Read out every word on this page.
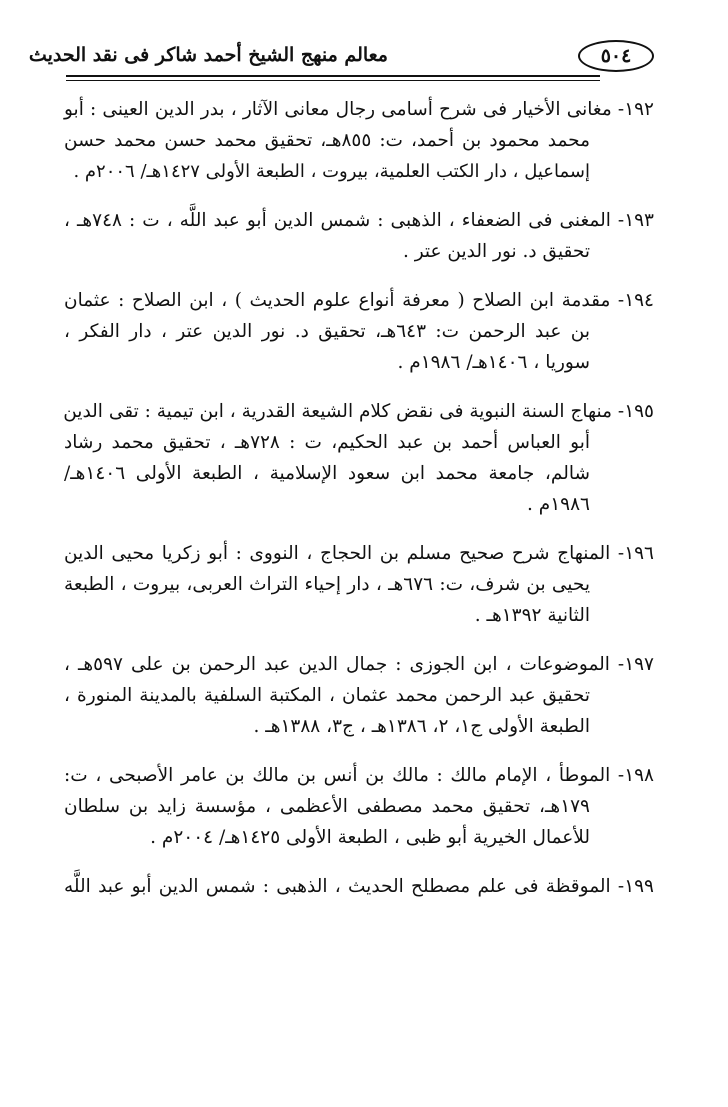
٥٠٤
معالم منهج الشيخ أحمد شاكر فى نقد الحديث
١٩٢- مغانى الأخيار فى شرح أسامى رجال معانى الآثار ، بدر الدين العينى : أبو
محمد محمود بن أحمد، ت: ٨٥٥هـ، تحقيق محمد حسن محمد حسن
إسماعيل ، دار الكتب العلمية، بيروت ، الطبعة الأولى ١٤٢٧هـ/ ٢٠٠٦م .
١٩٣- المغنى فى الضعفاء ، الذهبى : شمس الدين أبو عبد اللَّه ، ت : ٧٤٨هـ ،
تحقيق د. نور الدين عتر .
١٩٤- مقدمة ابن الصلاح ( معرفة أنواع علوم الحديث ) ، ابن الصلاح : عثمان
بن عبد الرحمن ت: ٦٤٣هـ، تحقيق د. نور الدين عتر ، دار الفكر ،
سوريا ، ١٤٠٦هـ/ ١٩٨٦م .
١٩٥- منهاج السنة النبوية فى نقض كلام الشيعة القدرية ، ابن تيمية : تقى الدين
أبو العباس أحمد بن عبد الحكيم، ت : ٧٢٨هـ ، تحقيق محمد رشاد
شالم، جامعة محمد ابن سعود الإسلامية ، الطبعة الأولى ١٤٠٦هـ/
١٩٨٦م .
١٩٦- المنهاج شرح صحيح مسلم بن الحجاج ، النووى : أبو زكريا محيى الدين
يحيى بن شرف، ت: ٦٧٦هـ ، دار إحياء التراث العربى، بيروت ، الطبعة
الثانية ١٣٩٢هـ .
١٩٧- الموضوعات ، ابن الجوزى : جمال الدين عبد الرحمن بن على ٥٩٧هـ ،
تحقيق عبد الرحمن محمد عثمان ، المكتبة السلفية بالمدينة المنورة ،
الطبعة الأولى ج١، ٢، ١٣٨٦هـ ، ج٣، ١٣٨٨هـ .
١٩٨- الموطأ ، الإمام مالك : مالك بن أنس بن مالك بن عامر الأصبحى ، ت:
١٧٩هـ، تحقيق محمد مصطفى الأعظمى ، مؤسسة زايد بن سلطان
للأعمال الخيرية أبو ظبى ، الطبعة الأولى ١٤٢٥هـ/ ٢٠٠٤م .
١٩٩- الموقظة فى علم مصطلح الحديث ، الذهبى : شمس الدين أبو عبد اللَّه
